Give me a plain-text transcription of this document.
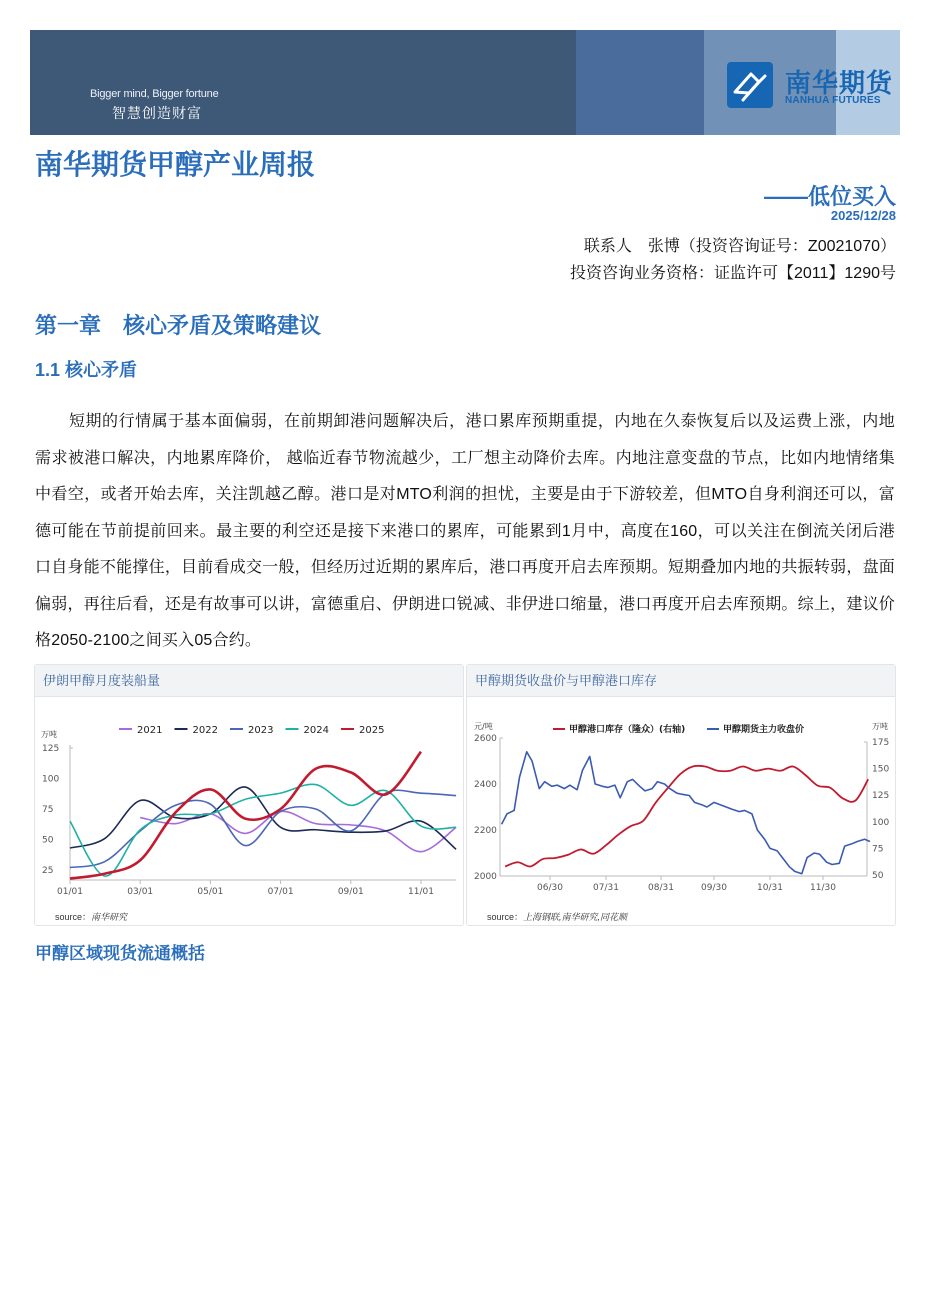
Bigger mind, Bigger fortune
智慧创造财富
南华期货
NANHUA FUTURES
南华期货甲醇产业周报
——低位买入
2025/12/28
联系人　张博（投资咨询证号：Z0021070）
投资咨询业务资格：证监许可【2011】1290号
第一章　核心矛盾及策略建议
1.1 核心矛盾
短期的行情属于基本面偏弱，在前期卸港问题解决后，港口累库预期重提，内地在久泰恢复后以及运费上涨，内地需求被港口解决，内地累库降价， 越临近春节物流越少，工厂想主动降价去库。内地注意变盘的节点，比如内地情绪集中看空，或者开始去库，关注凯越乙醇。港口是对MTO利润的担忧，主要是由于下游较差，但MTO自身利润还可以，富德可能在节前提前回来。最主要的利空还是接下来港口的累库，可能累到1月中，高度在160，可以关注在倒流关闭后港口自身能不能撑住，目前看成交一般，但经历过近期的累库后，港口再度开启去库预期。短期叠加内地的共振转弱，盘面偏弱，再往后看，还是有故事可以讲，富德重启、伊朗进口锐减、非伊进口缩量，港口再度开启去库预期。综上，建议价格2050-2100之间买入05合约。
伊朗甲醇月度装船量
2021	2022	2023	2024	2025
万吨
25
50
75
100
125
01/01	03/01	05/01	07/01	09/01	11/01
source：南华研究
甲醇期货收盘价与甲醇港口库存
甲醇港口库存（隆众）(右轴)	甲醇期货主力收盘价
元/吨	万吨
2000
2200
2400
2600
50
75
100
125
150
175
06/30	07/31	08/31	09/30	10/31	11/30
source：上海钢联,南华研究,同花顺
甲醇区域现货流通概括
